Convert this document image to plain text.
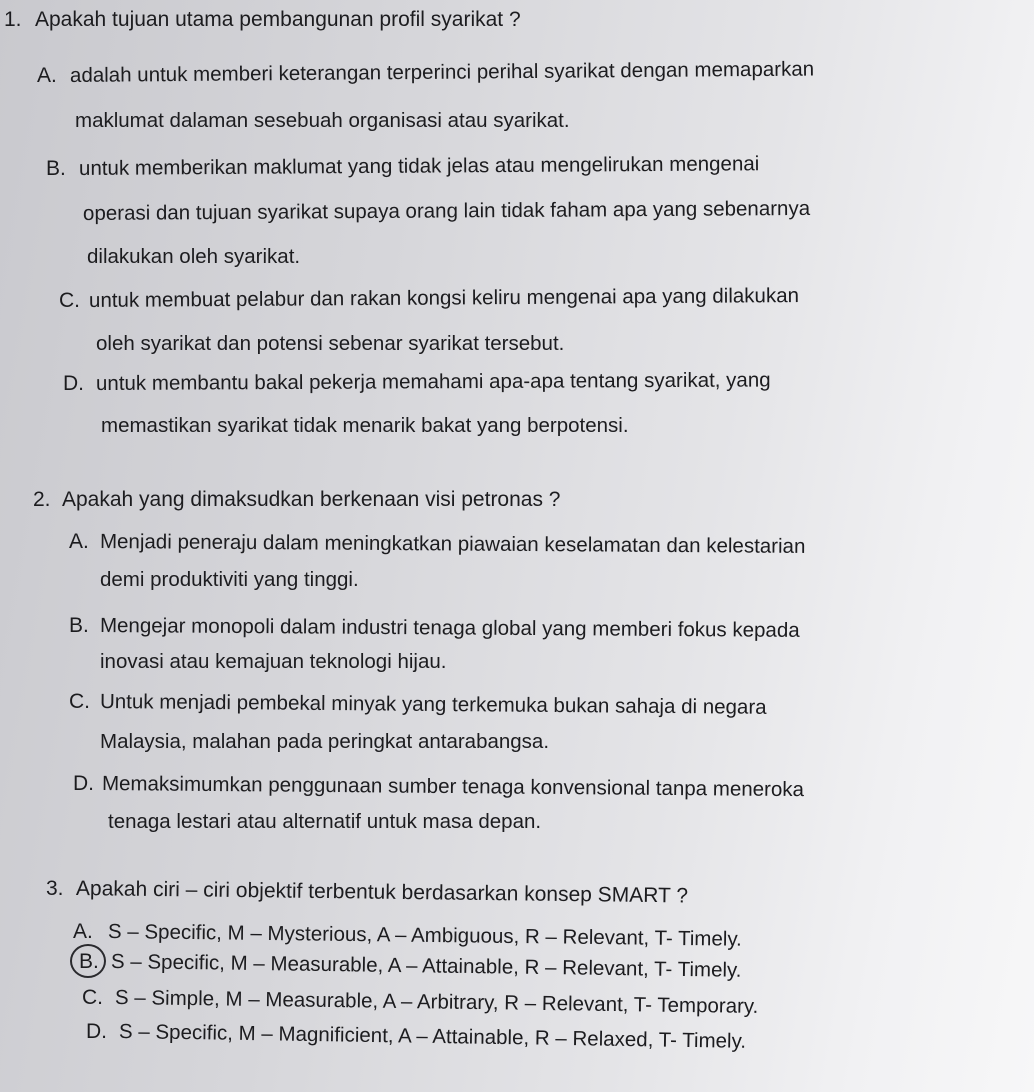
1. Apakah tujuan utama pembangunan profil syarikat ?
A. adalah untuk memberi keterangan terperinci perihal syarikat dengan memaparkan
maklumat dalaman sesebuah organisasi atau syarikat.
B. untuk memberikan maklumat yang tidak jelas atau mengelirukan mengenai
operasi dan tujuan syarikat supaya orang lain tidak faham apa yang sebenarnya
dilakukan oleh syarikat.
C. untuk membuat pelabur dan rakan kongsi keliru mengenai apa yang dilakukan
oleh syarikat dan potensi sebenar syarikat tersebut.
D. untuk membantu bakal pekerja memahami apa-apa tentang syarikat, yang
memastikan syarikat tidak menarik bakat yang berpotensi.
2. Apakah yang dimaksudkan berkenaan visi petronas ?
A. Menjadi peneraju dalam meningkatkan piawaian keselamatan dan kelestarian
demi produktiviti yang tinggi.
B. Mengejar monopoli dalam industri tenaga global yang memberi fokus kepada
inovasi atau kemajuan teknologi hijau.
C. Untuk menjadi pembekal minyak yang terkemuka bukan sahaja di negara
Malaysia, malahan pada peringkat antarabangsa.
D. Memaksimumkan penggunaan sumber tenaga konvensional tanpa meneroka
tenaga lestari atau alternatif untuk masa depan.
3. Apakah ciri – ciri objektif terbentuk berdasarkan konsep SMART ?
A. S – Specific, M – Mysterious, A – Ambiguous, R – Relevant, T- Timely.
B. S – Specific, M – Measurable, A – Attainable, R – Relevant, T- Timely.
C. S – Simple, M – Measurable, A – Arbitrary, R – Relevant, T- Temporary.
D. S – Specific, M – Magnificient, A – Attainable, R – Relaxed, T- Timely.
